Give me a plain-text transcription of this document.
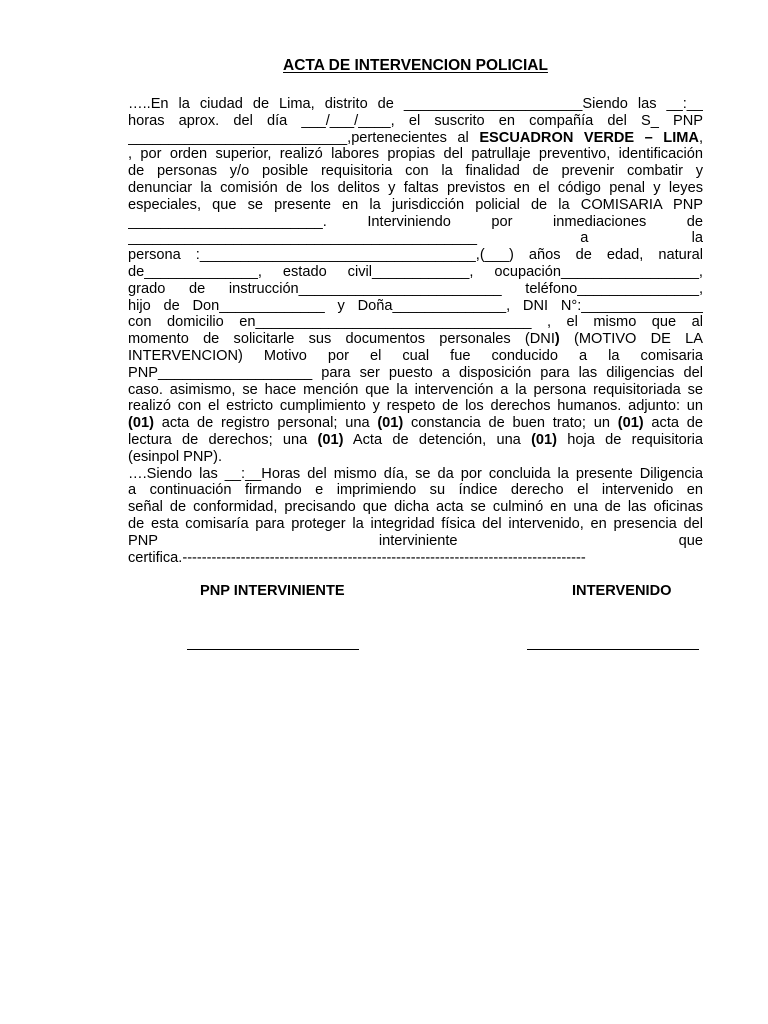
ACTA DE INTERVENCION POLICIAL
…..En la ciudad de Lima, distrito de ______________________Siendo las __:__
horas aprox. del día ___/___/____, el suscrito en compañía del S_ PNP
___________________________,pertenecientes al ESCUADRON VERDE – LIMA,
, por orden superior, realizó labores propias del patrullaje preventivo, identificación
de personas y/o posible requisitoria con la finalidad de prevenir combatir y
denunciar la comisión de los delitos y faltas previstos en el código penal y leyes
especiales, que se presente en la jurisdicción policial de la COMISARIA PNP
________________________. Interviniendo por inmediaciones de
___________________________________________ a la
persona :__________________________________,(___) años de edad, natural
de______________, estado civil____________, ocupación_________________,
grado de instrucción_________________________ teléfono_______________,
hijo de Don_____________ y Doña______________, DNI N°:_______________
con domicilio en__________________________________ , el mismo que al
momento de solicitarle sus documentos personales (DNI) (MOTIVO DE LA
INTERVENCION) Motivo por el cual fue conducido a la comisaria
PNP___________________ para ser puesto a disposición para las diligencias del
caso. asimismo, se hace mención que la intervención a la persona requisitoriada se
realizó con el estricto cumplimiento y respeto de los derechos humanos. adjunto: un
(01) acta de registro personal; una (01) constancia de buen trato; un (01) acta de
lectura de derechos; una (01) Acta de detención, una (01) hoja de requisitoria
(esinpol PNP).
….Siendo las __:__Horas del mismo día, se da por concluida la presente Diligencia
a continuación firmando e imprimiendo su índice derecho el intervenido en
señal de conformidad, precisando que dicha acta se culminó en una de las oficinas
de esta comisaría para proteger la integridad física del intervenido, en presencia del
PNP interviniente que
certifica.-----------------------------------------------------------------------------------
PNP INTERVINIENTE	INTERVENIDO
